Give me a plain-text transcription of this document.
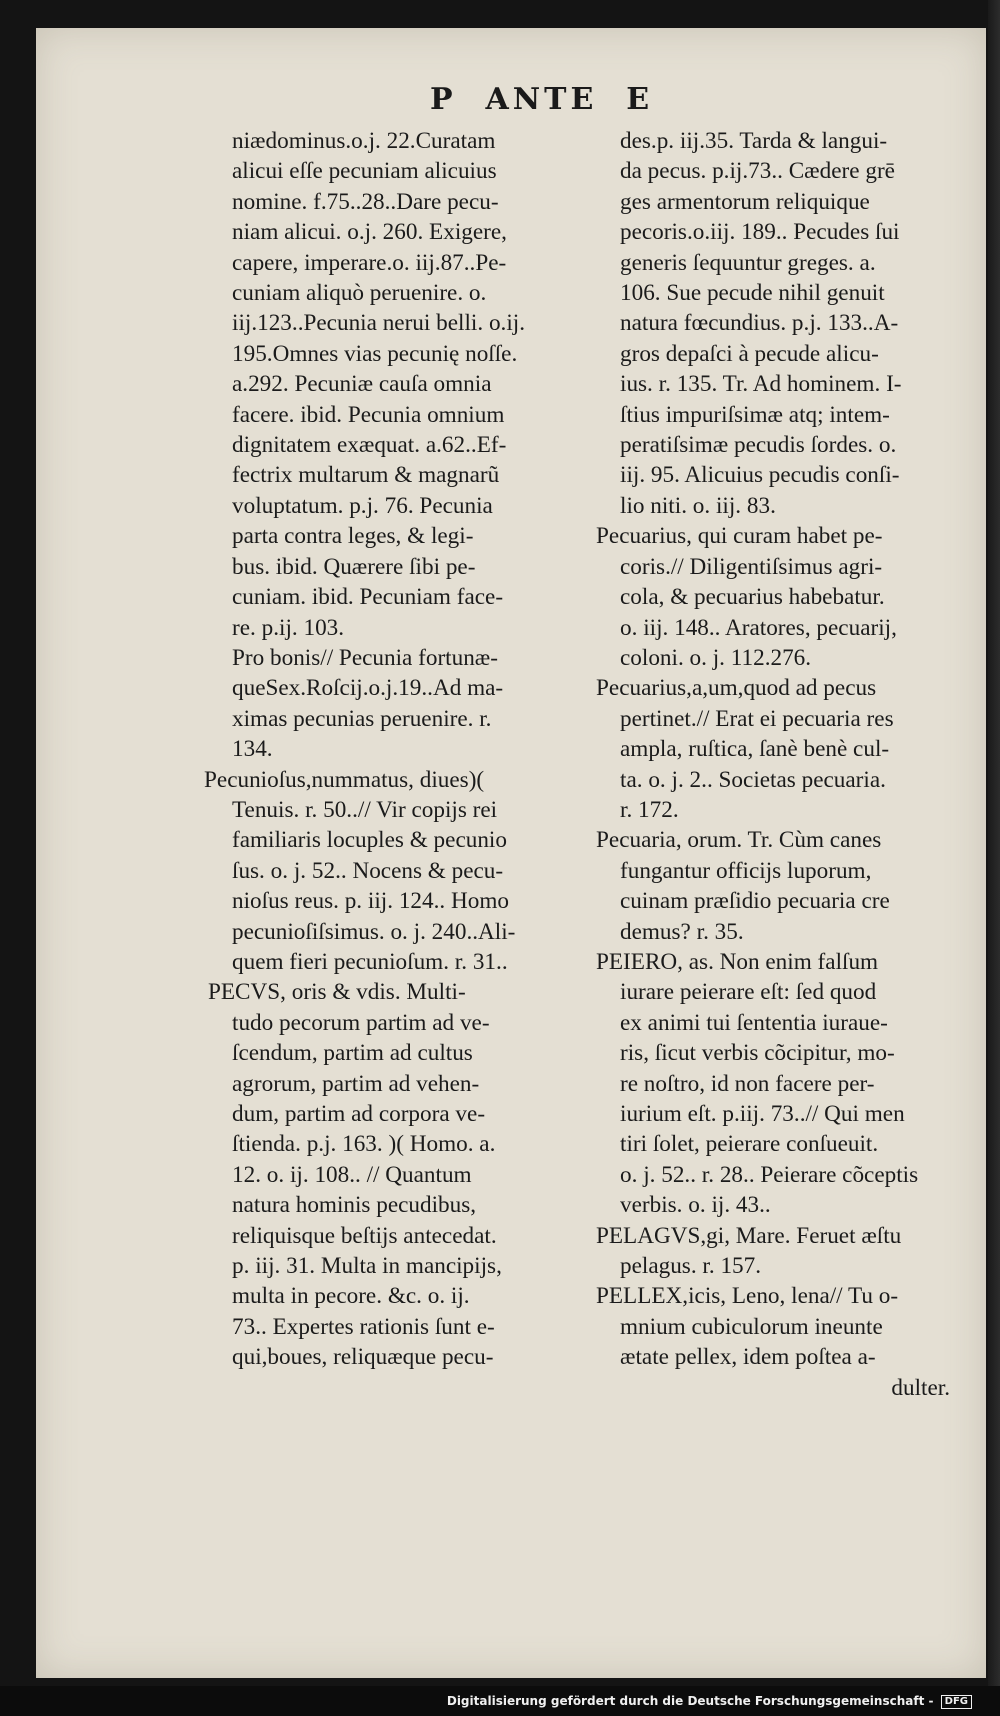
P  ANTE  E
niædominus.o.j. 22.Curatam
alicui eſſe pecuniam alicuius
nomine. f.75..28..Dare pecu-
niam alicui. o.j. 260. Exigere,
capere, imperare.o. iij.87..Pe-
cuniam aliquò peruenire. o.
iij.123..Pecunia nerui belli. o.ij.
195.Omnes vias pecunię noſſe.
a.292. Pecuniæ cauſa omnia
facere. ibid. Pecunia omnium
dignitatem exæquat. a.62..Ef-
fectrix multarum & magnarũ
voluptatum. p.j. 76. Pecunia
parta contra leges, & legi-
bus. ibid. Quærere ſibi pe-
cuniam. ibid. Pecuniam face-
re. p.ij. 103.
Pro bonis// Pecunia fortunæ-
queSex.Roſcij.o.j.19..Ad ma-
ximas pecunias peruenire. r.
134.
Pecunioſus,nummatus, diues)(
Tenuis. r. 50..// Vir copijs rei
familiaris locuples & pecunio
ſus. o. j. 52.. Nocens & pecu-
nioſus reus. p. iij. 124.. Homo
pecunioſiſsimus. o. j. 240..Ali-
quem fieri pecunioſum. r. 31..
PECVS, oris & vdis. Multi-
tudo pecorum partim ad ve-
ſcendum, partim ad cultus
agrorum, partim ad vehen-
dum, partim ad corpora ve-
ſtienda. p.j. 163. )( Homo. a.
12. o. ij. 108.. // Quantum
natura hominis pecudibus,
reliquisque beſtijs antecedat.
p. iij. 31. Multa in mancipijs,
multa in pecore. &c. o. ij.
73.. Expertes rationis ſunt e-
qui,boues, reliquæque pecu-
des.p. iij.35. Tarda & langui-
da pecus. p.ij.73.. Cædere grē
ges armentorum reliquique
pecoris.o.iij. 189.. Pecudes ſui
generis ſequuntur greges. a.
106. Sue pecude nihil genuit
natura fœcundius. p.j. 133..A-
gros depaſci à pecude alicu-
ius. r. 135. Tr. Ad hominem. I-
ſtius impuriſsimæ atq; intem-
peratiſsimæ pecudis ſordes. o.
iij. 95. Alicuius pecudis conſi-
lio niti. o. iij. 83.
Pecuarius, qui curam habet pe-
coris.// Diligentiſsimus agri-
cola, & pecuarius habebatur.
o. iij. 148.. Aratores, pecuarij,
coloni. o. j. 112.276.
Pecuarius,a,um,quod ad pecus
pertinet.// Erat ei pecuaria res
ampla, ruſtica, ſanè benè cul-
ta. o. j. 2.. Societas pecuaria.
r. 172.
Pecuaria, orum. Tr. Cùm canes
fungantur officijs luporum,
cuinam præſidio pecuaria cre
demus? r. 35.
PEIERO, as. Non enim falſum
iurare peierare eſt: ſed quod
ex animi tui ſententia iuraue-
ris, ſicut verbis cõcipitur, mo-
re noſtro, id non facere per-
iurium eſt. p.iij. 73..// Qui men
tiri ſolet, peierare conſueuit.
o. j. 52.. r. 28.. Peierare cõceptis
verbis. o. ij. 43..
PELAGVS,gi, Mare. Feruet æſtu
pelagus. r. 157.
PELLEX,icis, Leno, lena// Tu o-
mnium cubiculorum ineunte
ætate pellex, idem poſtea a-
dulter.
Digitalisierung gefördert durch die Deutsche Forschungsgemeinschaft - DFG
